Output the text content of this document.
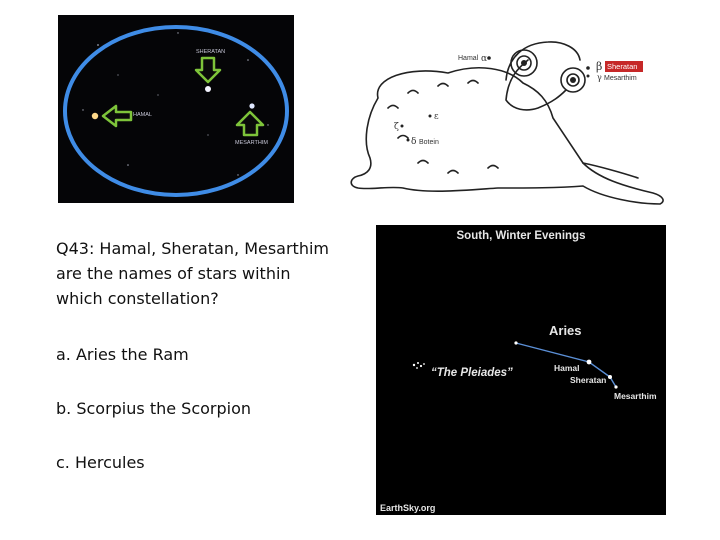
SHERATAN
HAMAL
MESARTHIM
Hamal α
β Sheratan
γ Mesarthim
ε
ζ
δ Botein
Q43: Hamal, Sheratan, Mesarthim
are the names of stars within
which constellation?
a. Aries the Ram
b. Scorpius the Scorpion
c. Hercules
South, Winter Evenings
Aries
“The Pleiades”	Hamal
Sheratan
Mesarthim
EarthSky.org
